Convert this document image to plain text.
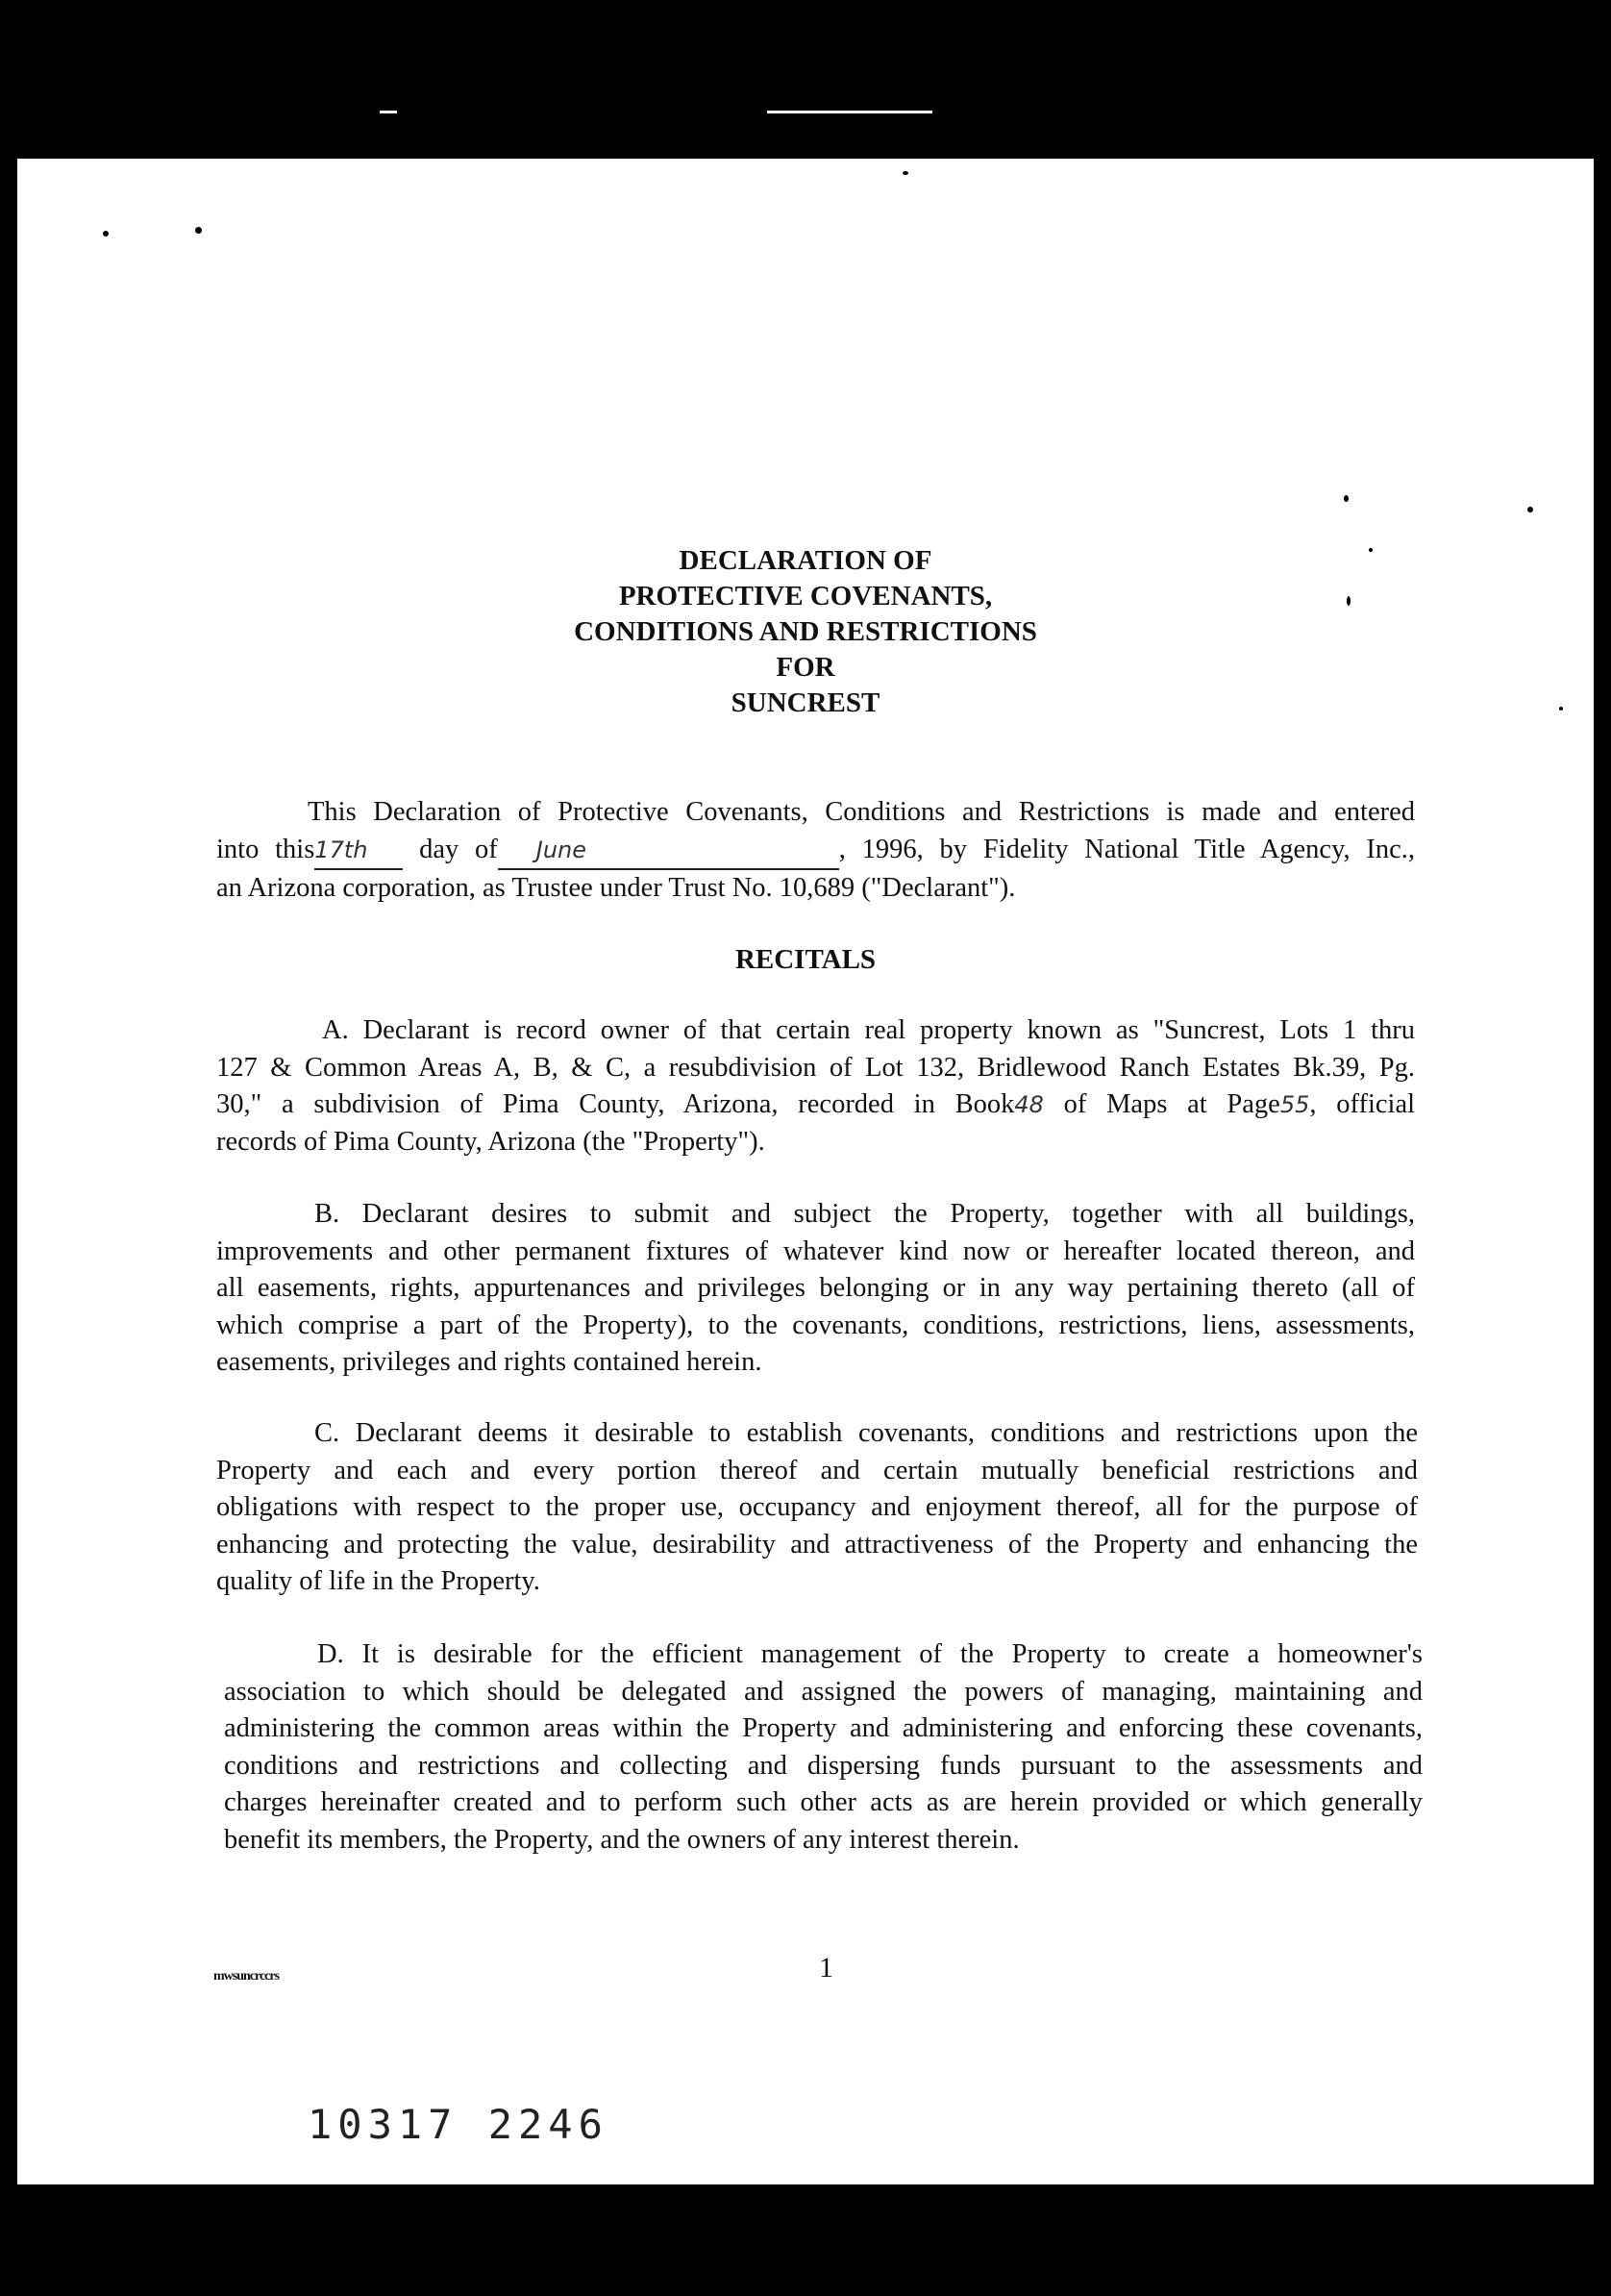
DECLARATION OF
PROTECTIVE COVENANTS,
CONDITIONS AND RESTRICTIONS
FOR
SUNCREST
This Declaration of Protective Covenants, Conditions and Restrictions is made and entered
into this17th day of June	, 1996, by Fidelity National Title Agency, Inc.,
an Arizona corporation, as Trustee under Trust No. 10,689 ("Declarant").
RECITALS
A. Declarant is record owner of that certain real property known as "Suncrest, Lots 1 thru
127 & Common Areas A, B, & C, a resubdivision of Lot 132, Bridlewood Ranch Estates Bk.39, Pg.
30," a subdivision of Pima County, Arizona, recorded in Book48 of Maps at Page55, official
records of Pima County, Arizona (the "Property").
B. Declarant desires to submit and subject the Property, together with all buildings,
improvements and other permanent fixtures of whatever kind now or hereafter located thereon, and
all easements, rights, appurtenances and privileges belonging or in any way pertaining thereto (all of
which comprise a part of the Property), to the covenants, conditions, restrictions, liens, assessments,
easements, privileges and rights contained herein.
C. Declarant deems it desirable to establish covenants, conditions and restrictions upon the
Property and each and every portion thereof and certain mutually beneficial restrictions and
obligations with respect to the proper use, occupancy and enjoyment thereof, all for the purpose of
enhancing and protecting the value, desirability and attractiveness of the Property and enhancing the
quality of life in the Property.
D. It is desirable for the efficient management of the Property to create a homeowner's
association to which should be delegated and assigned the powers of managing, maintaining and
administering the common areas within the Property and administering and enforcing these covenants,
conditions and restrictions and collecting and dispersing funds pursuant to the assessments and
charges hereinafter created and to perform such other acts as are herein provided or which generally
benefit its members, the Property, and the owners of any interest therein.
mwsuncrccrs	1
10317 2246
